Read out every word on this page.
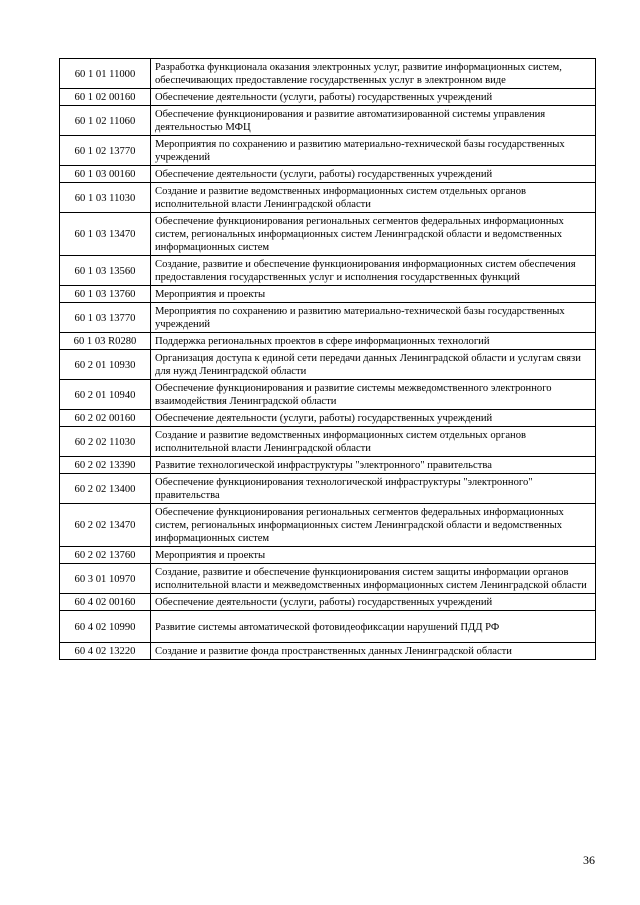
60 1 01 11000	Разработка функционала оказания электронных услуг, развитие информационных систем, обеспечивающих предоставление государственных услуг в электронном виде
60 1 02 00160	Обеспечение деятельности (услуги, работы) государственных учреждений
60 1 02 11060	Обеспечение функционирования и развитие автоматизированной системы управления деятельностью МФЦ
60 1 02 13770	Мероприятия по сохранению и развитию материально-технической базы государственных учреждений
60 1 03 00160	Обеспечение деятельности (услуги, работы) государственных учреждений
60 1 03 11030	Создание и развитие ведомственных информационных систем отдельных органов исполнительной власти Ленинградской области
60 1 03 13470	Обеспечение функционирования региональных сегментов федеральных информационных систем, региональных информационных систем Ленинградской области и ведомственных информационных систем
60 1 03 13560	Создание, развитие и обеспечение функционирования информационных систем обеспечения предоставления государственных услуг и исполнения государственных функций
60 1 03 13760	Мероприятия и проекты
60 1 03 13770	Мероприятия по сохранению и развитию материально-технической базы государственных учреждений
60 1 03 R0280	Поддержка региональных проектов в сфере информационных технологий
60 2 01 10930	Организация доступа к единой сети передачи данных Ленинградской области и услугам связи для нужд Ленинградской области
60 2 01 10940	Обеспечение функционирования и развитие системы межведомственного электронного взаимодействия Ленинградской области
60 2 02 00160	Обеспечение деятельности (услуги, работы) государственных учреждений
60 2 02 11030	Создание и развитие ведомственных информационных систем отдельных органов исполнительной власти Ленинградской области
60 2 02 13390	Развитие технологической инфраструктуры "электронного" правительства
60 2 02 13400	Обеспечение функционирования технологической инфраструктуры "электронного" правительства
60 2 02 13470	Обеспечение функционирования региональных сегментов федеральных информационных систем, региональных информационных систем Ленинградской области и ведомственных информационных систем
60 2 02 13760	Мероприятия и проекты
60 3 01 10970	Создание, развитие и обеспечение функционирования систем защиты информации органов исполнительной власти и межведомственных информационных систем Ленинградской области
60 4 02 00160	Обеспечение деятельности (услуги, работы) государственных учреждений
60 4 02 10990	Развитие системы автоматической фотовидеофиксации нарушений ПДД РФ
60 4 02 13220	Создание и развитие фонда пространственных данных Ленинградской области
36
